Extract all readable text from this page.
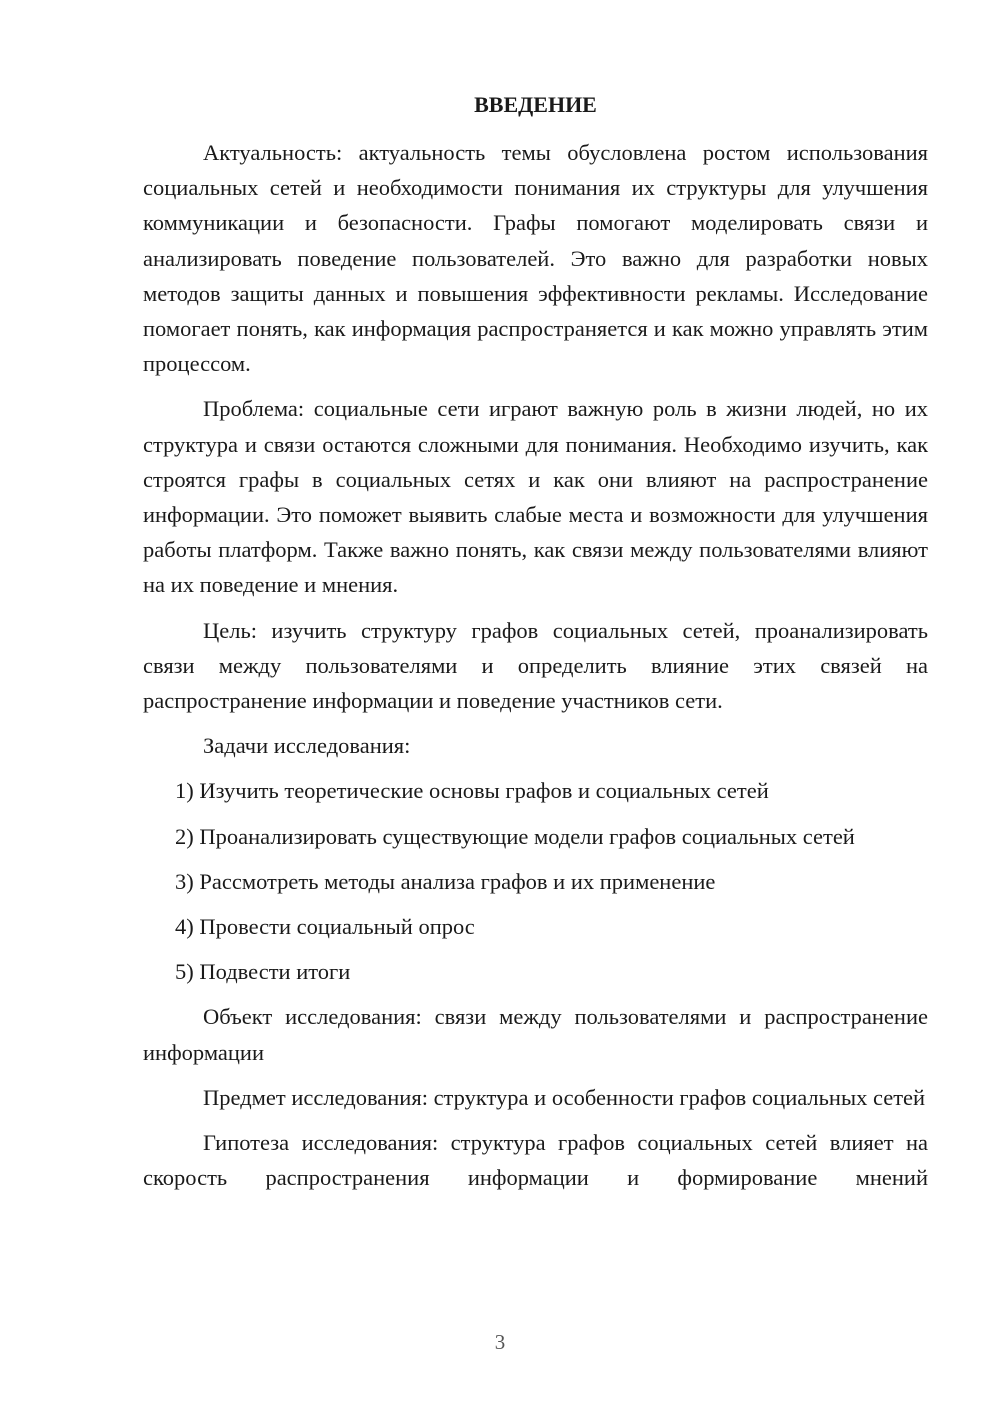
ВВЕДЕНИЕ

Актуальность: актуальность темы обусловлена ростом использования социальных сетей и необходимости понимания их структуры для улучшения коммуникации и безопасности. Графы помогают моделировать связи и анализировать поведение пользователей. Это важно для разработки новых методов защиты данных и повышения эффективности рекламы. Исследование помогает понять, как информация распространяется и как можно управлять этим процессом.

Проблема: социальные сети играют важную роль в жизни людей, но их структура и связи остаются сложными для понимания. Необходимо изучить, как строятся графы в социальных сетях и как они влияют на распространение информации. Это поможет выявить слабые места и возможности для улучшения работы платформ. Также важно понять, как связи между пользователями влияют на их поведение и мнения.

Цель: изучить структуру графов социальных сетей, проанализировать связи между пользователями и определить влияние этих связей на распространение информации и поведение участников сети.

Задачи исследования:

1) Изучить теоретические основы графов и социальных сетей

2) Проанализировать существующие модели графов социальных сетей

3) Рассмотреть методы анализа графов и их применение

4) Провести социальный опрос

5) Подвести итоги

Объект исследования: связи между пользователями и распространение информации

Предмет исследования: структура и особенности графов социальных сетей

Гипотеза исследования: структура графов социальных сетей влияет на скорость распространения информации и формирование мнений

3
